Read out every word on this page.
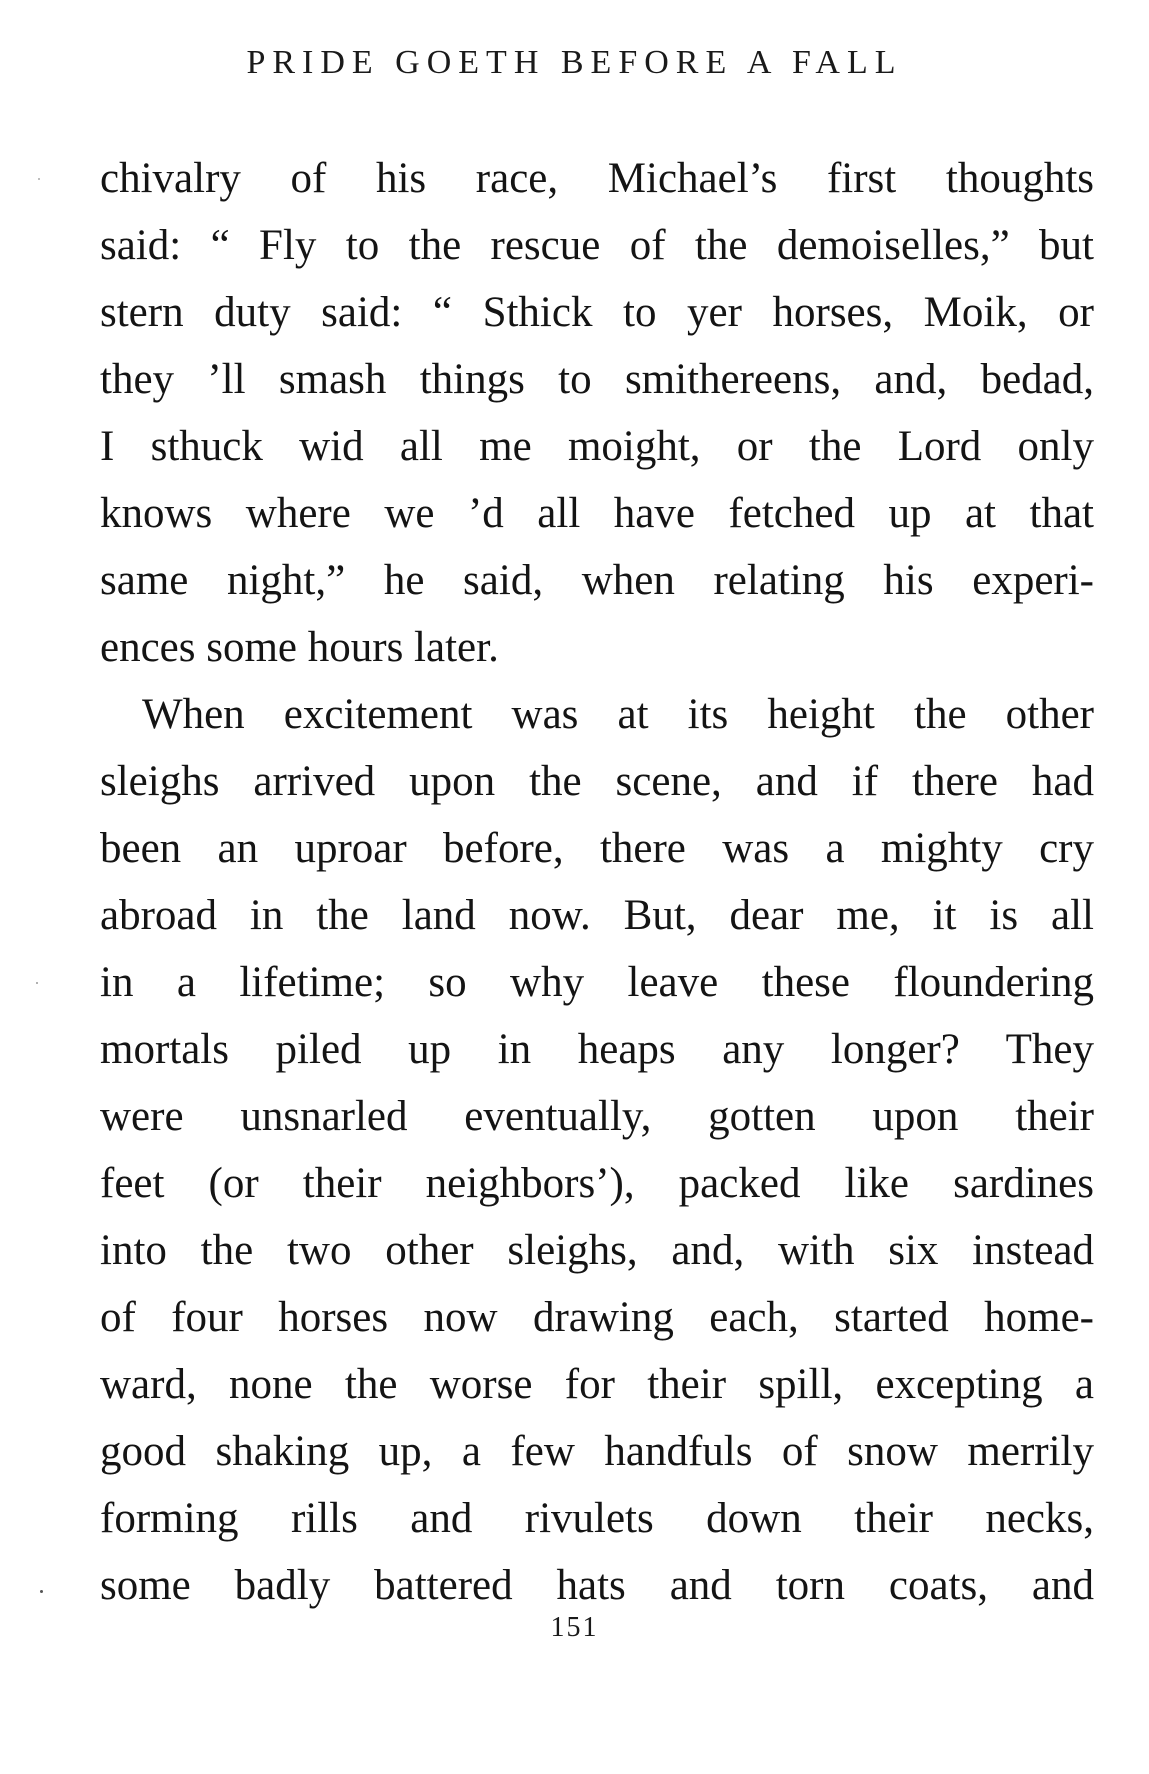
PRIDE GOETH BEFORE A FALL
chivalry of his race, Michael’s first thoughts
said: “ Fly to the rescue of the demoiselles,” but
stern duty said: “ Sthick to yer horses, Moik, or
they ’ll smash things to smithereens, and, bedad,
I sthuck wid all me moight, or the Lord only
knows where we ’d all have fetched up at that
same night,” he said, when relating his experi-
ences some hours later.
When excitement was at its height the other
sleighs arrived upon the scene, and if there had
been an uproar before, there was a mighty cry
abroad in the land now. But, dear me, it is all
in a lifetime; so why leave these floundering
mortals piled up in heaps any longer? They
were unsnarled eventually, gotten upon their
feet (or their neighbors’), packed like sardines
into the two other sleighs, and, with six instead
of four horses now drawing each, started home-
ward, none the worse for their spill, excepting a
good shaking up, a few handfuls of snow merrily
forming rills and rivulets down their necks,
some badly battered hats and torn coats, and
151
